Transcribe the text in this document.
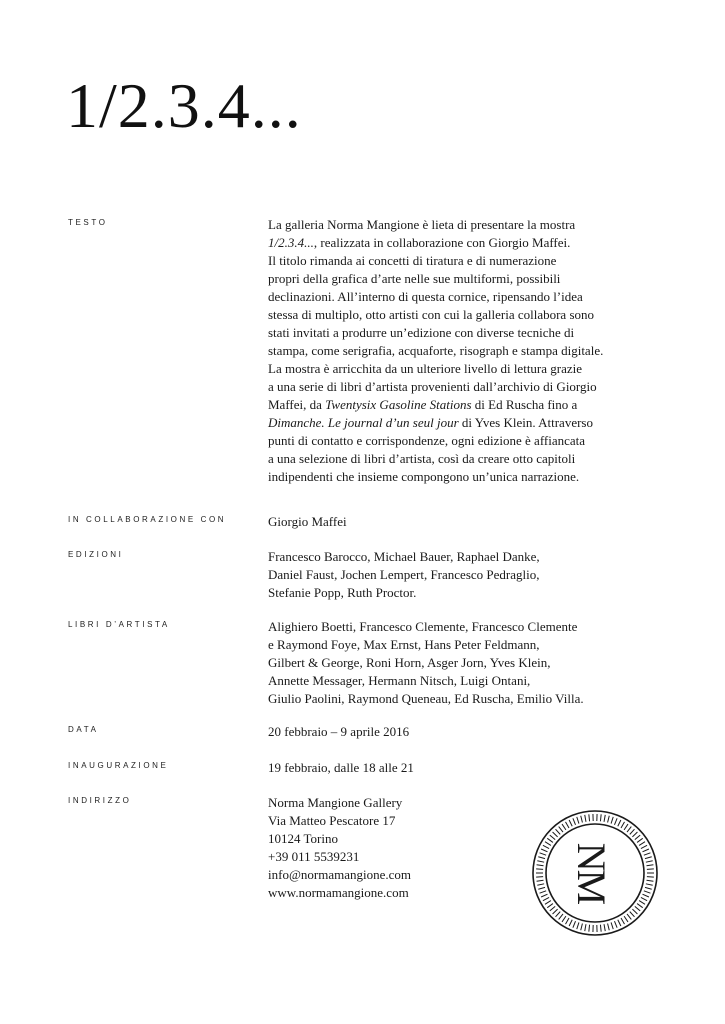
1/2.3.4...
TESTO	La galleria Norma Mangione è lieta di presentare la mostra
1/2.3.4..., realizzata in collaborazione con Giorgio Maffei.
Il titolo rimanda ai concetti di tiratura e di numerazione
propri della grafica d’arte nelle sue multiformi, possibili
declinazioni. All’interno di questa cornice, ripensando l’idea
stessa di multiplo, otto artisti con cui la galleria collabora sono
stati invitati a produrre un’edizione con diverse tecniche di
stampa, come serigrafia, acquaforte, risograph e stampa digitale.
La mostra è arricchita da un ulteriore livello di lettura grazie
a una serie di libri d’artista provenienti dall’archivio di Giorgio
Maffei, da Twentysix Gasoline Stations di Ed Ruscha fino a
Dimanche. Le journal d’un seul jour di Yves Klein. Attraverso
punti di contatto e corrispondenze, ogni edizione è affiancata
a una selezione di libri d’artista, così da creare otto capitoli
indipendenti che insieme compongono un’unica narrazione.
IN COLLABORAZIONE CON	Giorgio Maffei
EDIZIONI	Francesco Barocco, Michael Bauer, Raphael Danke,
Daniel Faust, Jochen Lempert, Francesco Pedraglio,
Stefanie Popp, Ruth Proctor.
LIBRI D’ARTISTA	Alighiero Boetti, Francesco Clemente, Francesco Clemente
e Raymond Foye, Max Ernst, Hans Peter Feldmann,
Gilbert & George, Roni Horn, Asger Jorn, Yves Klein,
Annette Messager, Hermann Nitsch, Luigi Ontani,
Giulio Paolini, Raymond Queneau, Ed Ruscha, Emilio Villa.
DATA	20 febbraio – 9 aprile 2016
INAUGURAZIONE	19 febbraio, dalle 18 alle 21
INDIRIZZO	Norma Mangione Gallery
Via Matteo Pescatore 17
10124 Torino
+39 011 5539231
info@normamangione.com
www.normamangione.com	NM
